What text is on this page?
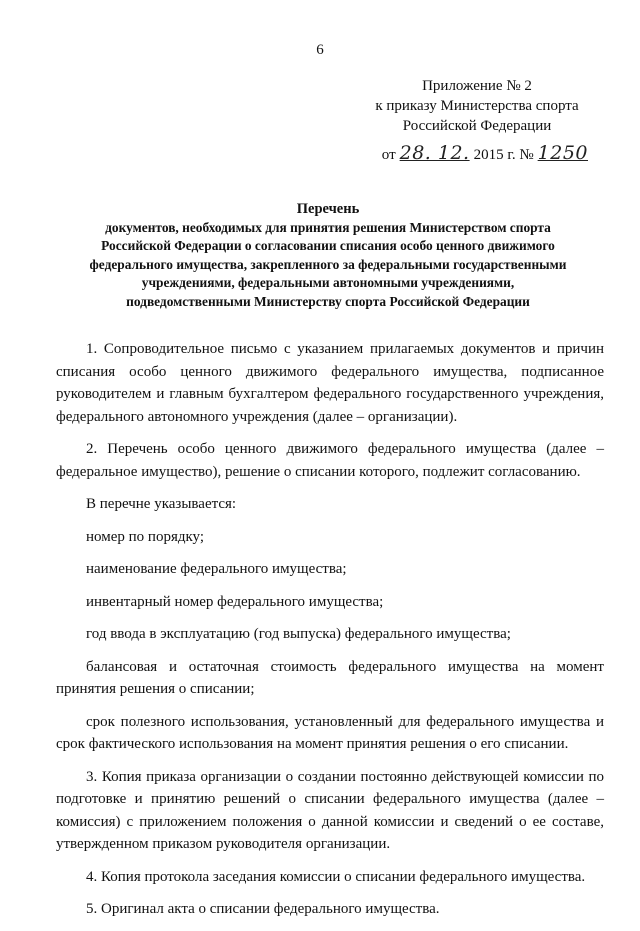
6
Приложение № 2
к приказу Министерства спорта
Российской Федерации
от 28. 12. 2015 г. № 1250
Перечень
документов, необходимых для принятия решения Министерством спорта
Российской Федерации о согласовании списания особо ценного движимого
федерального имущества, закрепленного за федеральными государственными
учреждениями, федеральными автономными учреждениями,
подведомственными Министерству спорта Российской Федерации

1. Сопроводительное письмо с указанием прилагаемых документов и причин списания особо ценного движимого федерального имущества, подписанное руководителем и главным бухгалтером федерального государственного учреждения, федерального автономного учреждения (далее – организации).

2. Перечень особо ценного движимого федерального имущества (далее – федеральное имущество), решение о списании которого, подлежит согласованию.

В перечне указывается:

номер по порядку;

наименование федерального имущества;

инвентарный номер федерального имущества;

год ввода в эксплуатацию (год выпуска) федерального имущества;

балансовая и остаточная стоимость федерального имущества на момент принятия решения о списании;

срок полезного использования, установленный для федерального имущества и срок фактического использования на момент принятия решения о его списании.

3. Копия приказа организации о создании постоянно действующей комиссии по подготовке и принятию решений о списании федерального имущества (далее – комиссия) с приложением положения о данной комиссии и сведений о ее составе, утвержденном приказом руководителя организации.

4. Копия протокола заседания комиссии о списании федерального имущества.

5. Оригинал акта о списании федерального имущества.
